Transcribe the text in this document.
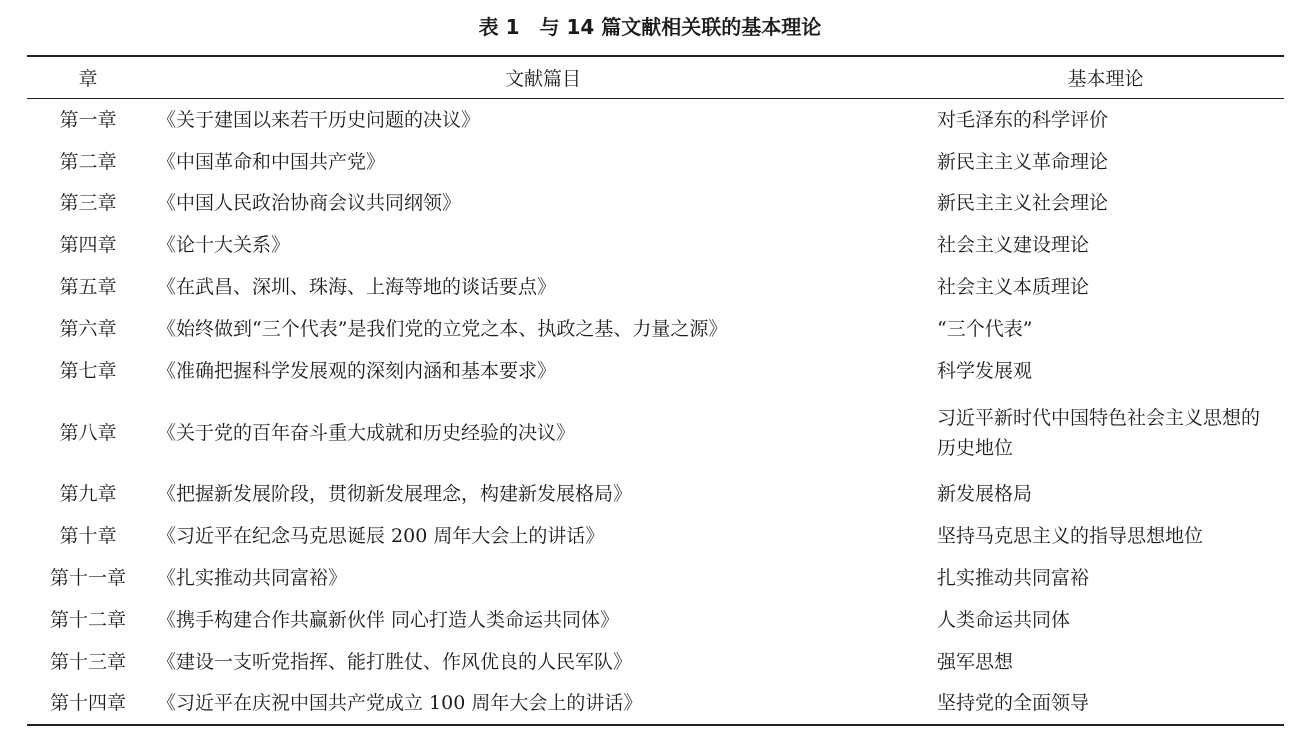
表 1　与 14 篇文献相关联的基本理论
章	文献篇目	基本理论
第一章	《关于建国以来若干历史问题的决议》	对毛泽东的科学评价
第二章	《中国革命和中国共产党》	新民主主义革命理论
第三章	《中国人民政治协商会议共同纲领》	新民主主义社会理论
第四章	《论十大关系》	社会主义建设理论
第五章	《在武昌、深圳、珠海、上海等地的谈话要点》	社会主义本质理论
第六章	《始终做到“三个代表”是我们党的立党之本、执政之基、力量之源》	“三个代表”
第七章	《准确把握科学发展观的深刻内涵和基本要求》	科学发展观
第八章	《关于党的百年奋斗重大成就和历史经验的决议》	习近平新时代中国特色社会主义思想的历史地位
第九章	《把握新发展阶段，贯彻新发展理念，构建新发展格局》	新发展格局
第十章	《习近平在纪念马克思诞辰 200 周年大会上的讲话》	坚持马克思主义的指导思想地位
第十一章	《扎实推动共同富裕》	扎实推动共同富裕
第十二章	《携手构建合作共赢新伙伴 同心打造人类命运共同体》	人类命运共同体
第十三章	《建设一支听党指挥、能打胜仗、作风优良的人民军队》	强军思想
第十四章	《习近平在庆祝中国共产党成立 100 周年大会上的讲话》	坚持党的全面领导
